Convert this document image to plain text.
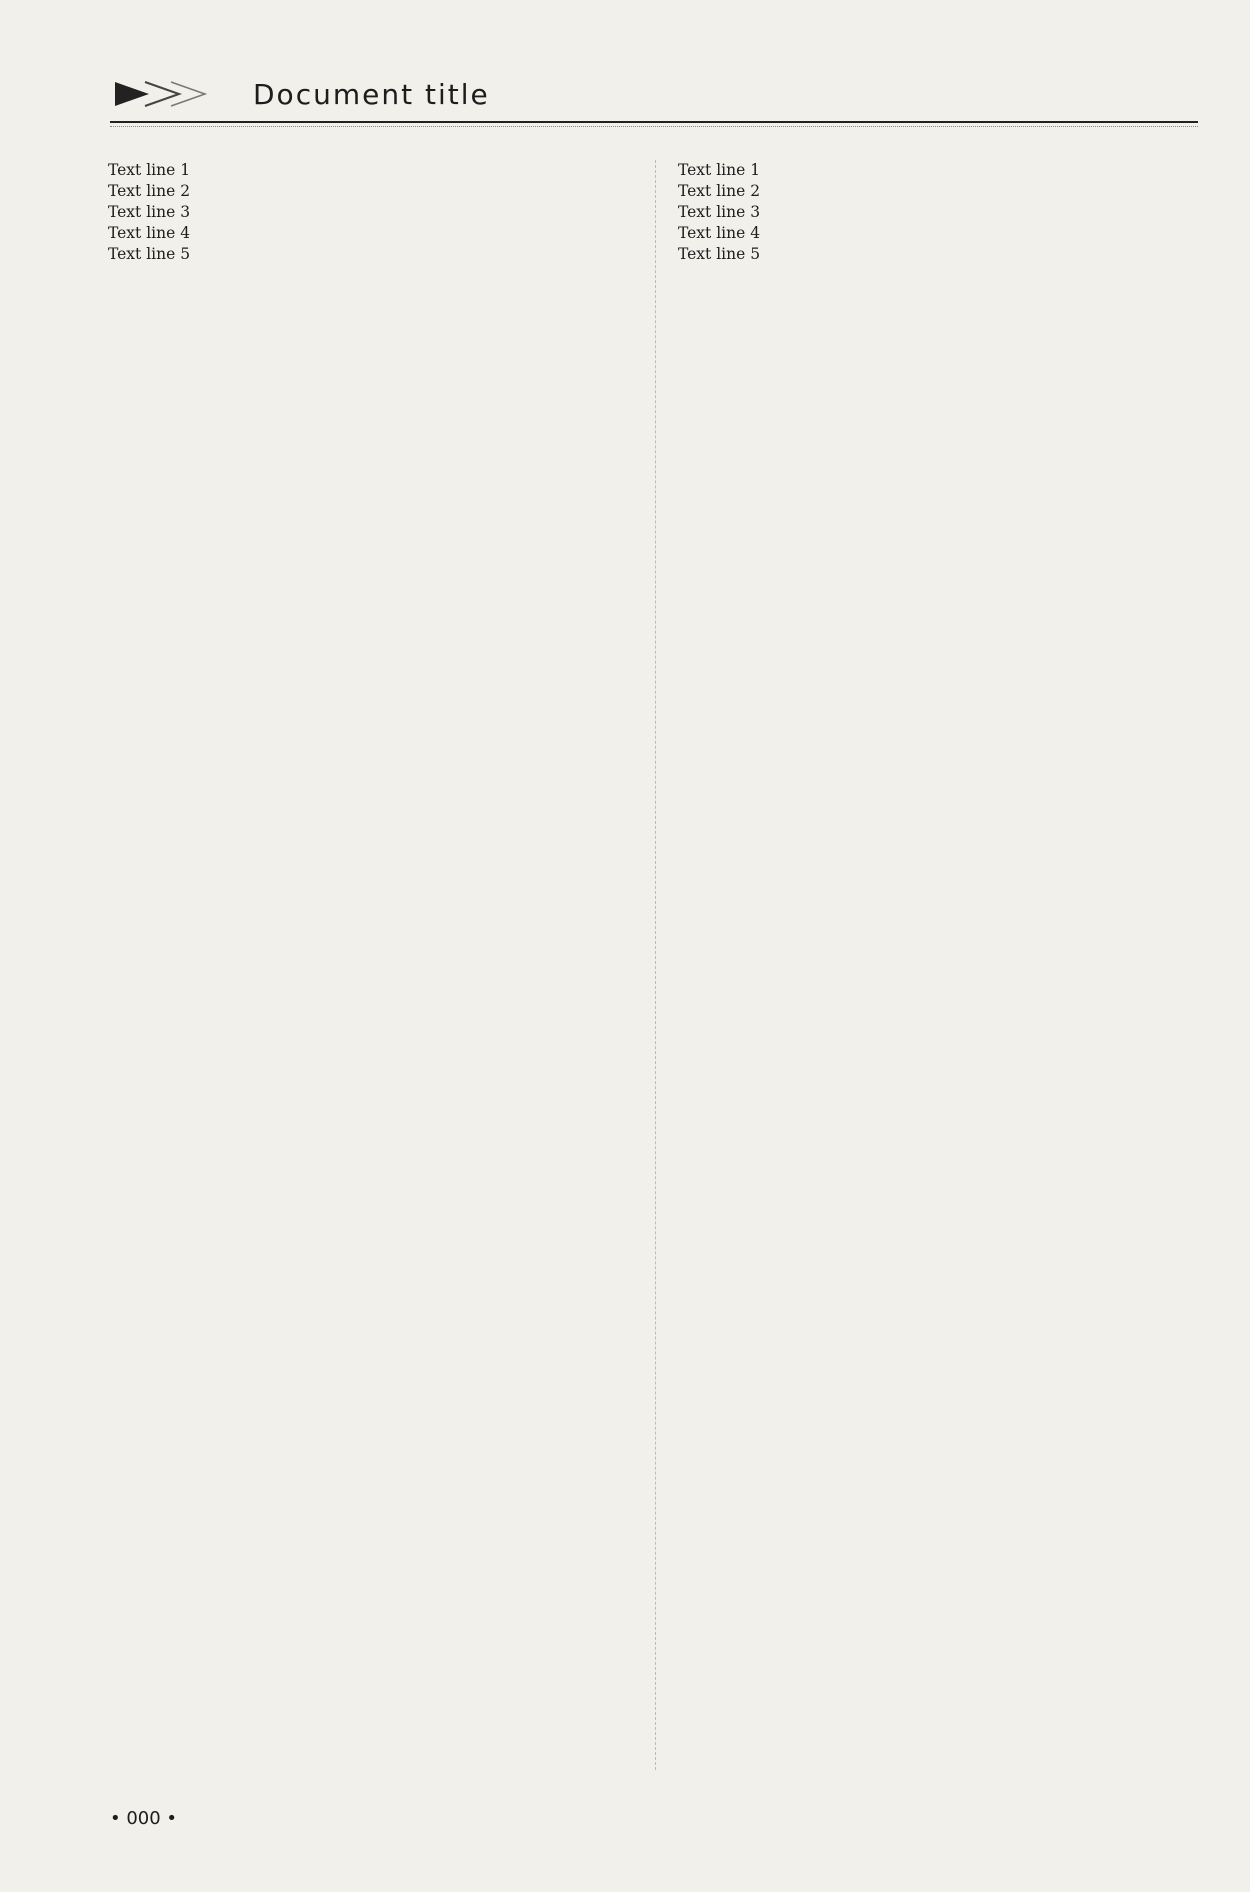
Document title
Text line 1
Text line 2
Text line 3
Text line 4
Text line 5
Text line 1
Text line 2
Text line 3
Text line 4
Text line 5
• 000 •
